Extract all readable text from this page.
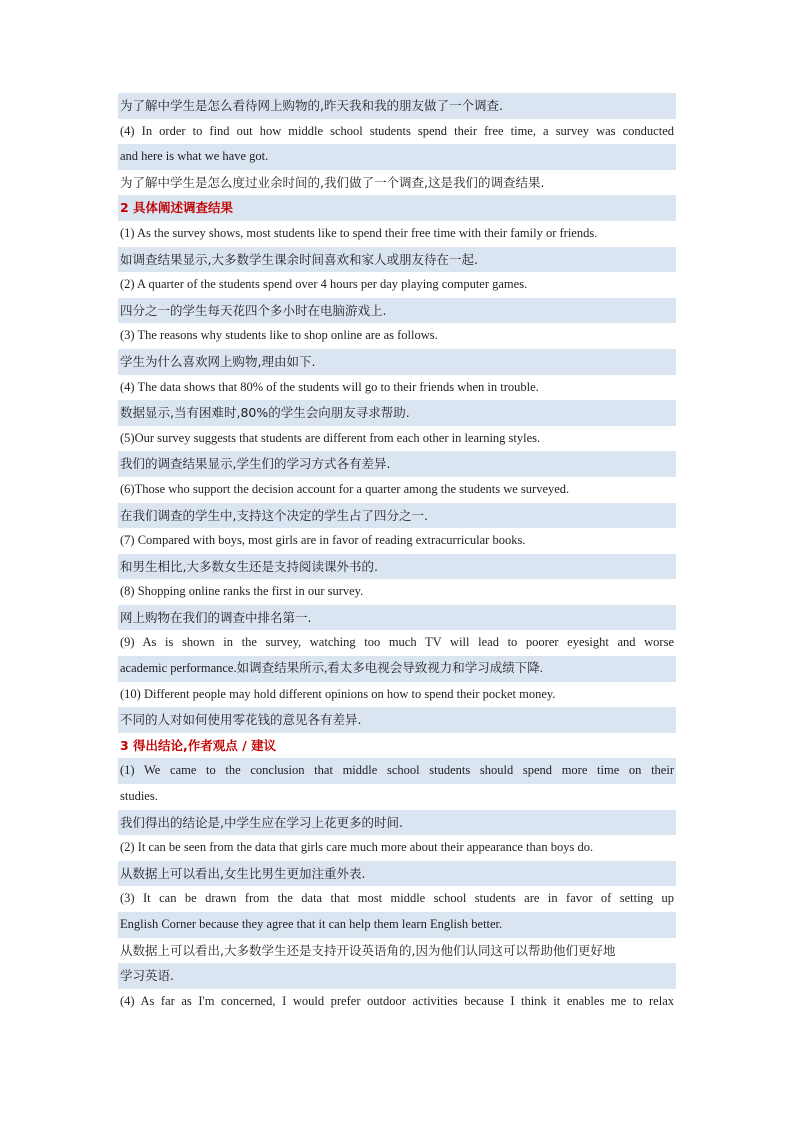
为了解中学生是怎么看待网上购物的,昨天我和我的朋友做了一个调查.
(4) In order to find out how middle school students spend their free time, a survey was conducted
and here is what we have got.
为了解中学生是怎么度过业余时间的,我们做了一个调查,这是我们的调查结果.
2 具体阐述调查结果
(1) As the survey shows, most students like to spend their free time with their family or friends.
如调查结果显示,大多数学生课余时间喜欢和家人或朋友待在一起.
(2) A quarter of the students spend over 4 hours per day playing computer games.
四分之一的学生每天花四个多小时在电脑游戏上.
(3) The reasons why students like to shop online are as follows.
学生为什么喜欢网上购物,理由如下.
(4) The data shows that 80% of the students will go to their friends when in trouble.
数据显示,当有困难时,80%的学生会向朋友寻求帮助.
(5)Our survey suggests that students are different from each other in learning styles.
我们的调查结果显示,学生们的学习方式各有差异.
(6)Those who support the decision account for a quarter among the students we surveyed.
在我们调查的学生中,支持这个决定的学生占了四分之一.
(7) Compared with boys, most girls are in favor of reading extracurricular books.
和男生相比,大多数女生还是支持阅读课外书的.
(8) Shopping online ranks the first in our survey.
网上购物在我们的调查中排名第一.
(9) As is shown in the survey, watching too much TV will lead to poorer eyesight and worse
academic performance.如调查结果所示,看太多电视会导致视力和学习成绩下降.
(10) Different people may hold different opinions on how to spend their pocket money.
不同的人对如何使用零花钱的意见各有差异.
3 得出结论,作者观点 / 建议
(1) We came to the conclusion that middle school students should spend more time on their
studies.
我们得出的结论是,中学生应在学习上花更多的时间.
(2) It can be seen from the data that girls care much more about their appearance than boys do.
从数据上可以看出,女生比男生更加注重外表.
(3) It can be drawn from the data that most middle school students are in favor of setting up
English Corner because they agree that it can help them learn English better.
从数据上可以看出,大多数学生还是支持开设英语角的,因为他们认同这可以帮助他们更好地
学习英语.
(4) As far as I'm concerned, I would prefer outdoor activities because I think it enables me to relax
